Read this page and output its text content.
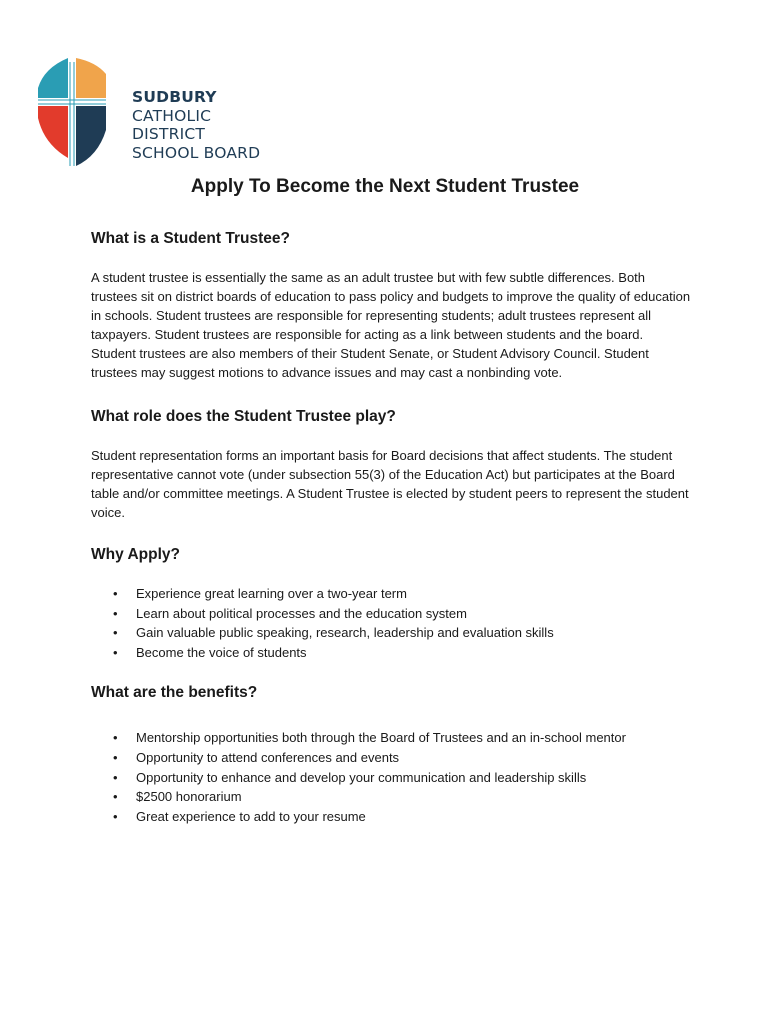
SUDBURY
CATHOLIC
DISTRICT
SCHOOL BOARD
Apply To Become the Next Student Trustee
What is a Student Trustee?

A student trustee is essentially the same as an adult trustee but with few subtle differences. Both trustees sit on district boards of education to pass policy and budgets to improve the quality of education in schools. Student trustees are responsible for representing students; adult trustees represent all taxpayers. Student trustees are responsible for acting as a link between students and the board. Student trustees are also members of their Student Senate, or Student Advisory Council. Student trustees may suggest motions to advance issues and may cast a nonbinding vote.

What role does the Student Trustee play?

Student representation forms an important basis for Board decisions that affect students. The student representative cannot vote (under subsection 55(3) of the Education Act) but participates at the Board table and/or committee meetings. A Student Trustee is elected by student peers to represent the student voice.

Why Apply?
• Experience great learning over a two-year term
• Learn about political processes and the education system
• Gain valuable public speaking, research, leadership and evaluation skills
• Become the voice of students
What are the benefits?
• Mentorship opportunities both through the Board of Trustees and an in-school mentor
• Opportunity to attend conferences and events
• Opportunity to enhance and develop your communication and leadership skills
• $2500 honorarium
• Great experience to add to your resume
